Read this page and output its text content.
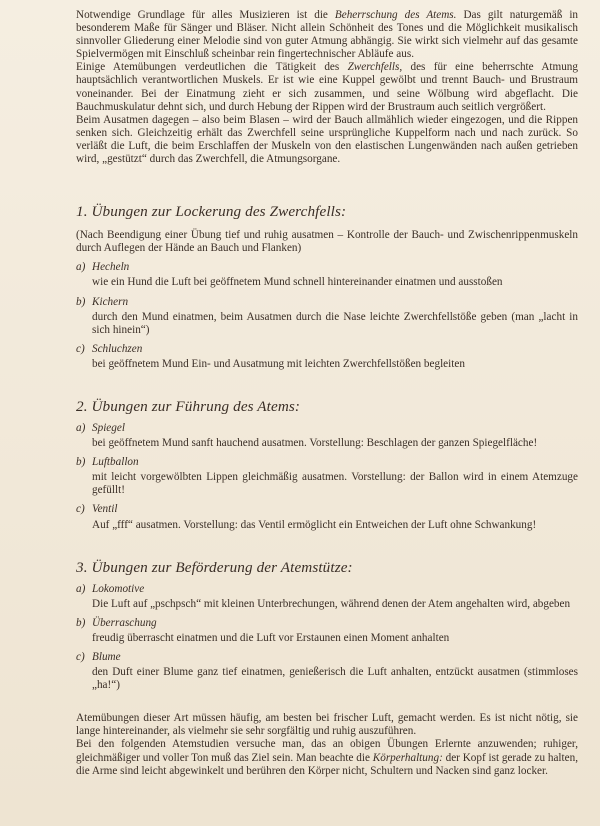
Notwendige Grundlage für alles Musizieren ist die Beherrschung des Atems. Das gilt naturgemäß in besonderem Maße für Sänger und Bläser. Nicht allein Schönheit des Tones und die Möglichkeit musikalisch sinnvoller Gliederung einer Melodie sind von guter Atmung abhängig. Sie wirkt sich vielmehr auf das gesamte Spielvermögen mit Einschluß scheinbar rein fingertechnischer Abläufe aus.

Einige Atemübungen verdeutlichen die Tätigkeit des Zwerchfells, des für eine beherrschte Atmung hauptsächlich verantwortlichen Muskels. Er ist wie eine Kuppel gewölbt und trennt Bauch- und Brustraum voneinander. Bei der Einatmung zieht er sich zusammen, und seine Wölbung wird abgeflacht. Die Bauchmuskulatur dehnt sich, und durch Hebung der Rippen wird der Brustraum auch seitlich vergrößert.

Beim Ausatmen dagegen – also beim Blasen – wird der Bauch allmählich wieder eingezogen, und die Rippen senken sich. Gleichzeitig erhält das Zwerchfell seine ursprüngliche Kuppelform nach und nach zurück. So verläßt die Luft, die beim Erschlaffen der Muskeln von den elastischen Lungenwänden nach außen getrieben wird, „gestützt“ durch das Zwerchfell, die Atmungsorgane.

1. Übungen zur Lockerung des Zwerchfells:

(Nach Beendigung einer Übung tief und ruhig ausatmen – Kontrolle der Bauch- und Zwischenrippenmuskeln durch Auflegen der Hände an Bauch und Flanken)

a) Hecheln

wie ein Hund die Luft bei geöffnetem Mund schnell hintereinander einatmen und ausstoßen

b) Kichern

durch den Mund einatmen, beim Ausatmen durch die Nase leichte Zwerchfellstöße geben (man „lacht in sich hinein“)

c) Schluchzen

bei geöffnetem Mund Ein- und Ausatmung mit leichten Zwerchfellstößen begleiten

2. Übungen zur Führung des Atems:
a) Spiegel

bei geöffnetem Mund sanft hauchend ausatmen. Vorstellung: Beschlagen der ganzen Spiegelfläche!

b) Luftballon

mit leicht vorgewölbten Lippen gleichmäßig ausatmen. Vorstellung: der Ballon wird in einem Atemzuge gefüllt!

c) Ventil

Auf „fff“ ausatmen. Vorstellung: das Ventil ermöglicht ein Entweichen der Luft ohne Schwankung!

3. Übungen zur Beförderung der Atemstütze:
a) Lokomotive

Die Luft auf „pschpsch“ mit kleinen Unterbrechungen, während denen der Atem angehalten wird, abgeben

b) Überraschung

freudig überrascht einatmen und die Luft vor Erstaunen einen Moment anhalten

c) Blume

den Duft einer Blume ganz tief einatmen, genießerisch die Luft anhalten, entzückt ausatmen (stimmloses „ha!“)

Atemübungen dieser Art müssen häufig, am besten bei frischer Luft, gemacht werden. Es ist nicht nötig, sie lange hintereinander, als vielmehr sie sehr sorgfältig und ruhig auszuführen.

Bei den folgenden Atemstudien versuche man, das an obigen Übungen Erlernte anzuwenden; ruhiger, gleichmäßiger und voller Ton muß das Ziel sein. Man beachte die Körperhaltung: der Kopf ist gerade zu halten, die Arme sind leicht abgewinkelt und berühren den Körper nicht, Schultern und Nacken sind ganz locker.
